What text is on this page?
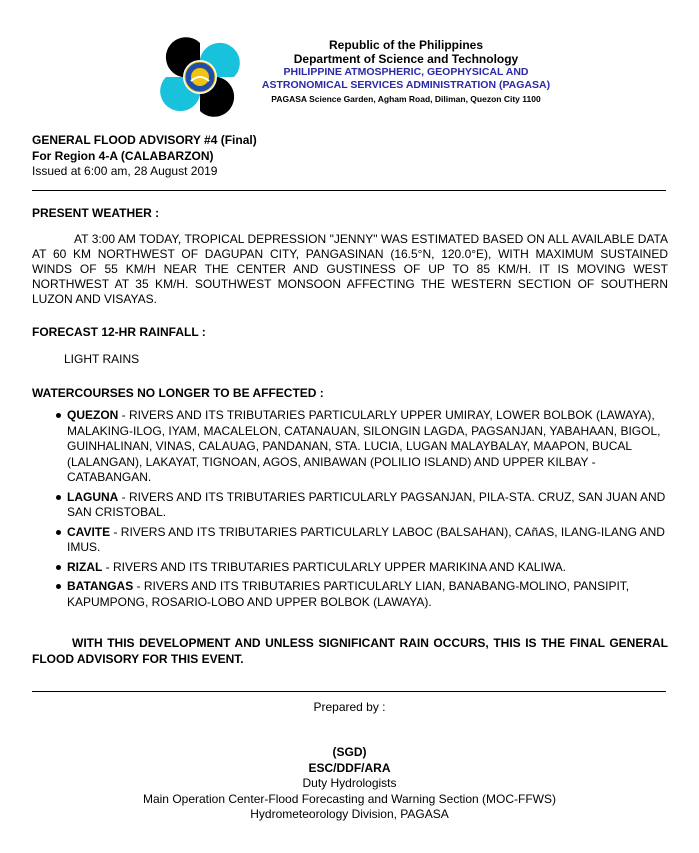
Republic of the Philippines
Department of Science and Technology
PHILIPPINE ATMOSPHERIC, GEOPHYSICAL AND
ASTRONOMICAL SERVICES ADMINISTRATION (PAGASA)
PAGASA Science Garden, Agham Road, Diliman, Quezon City 1100
GENERAL FLOOD ADVISORY #4 (Final)
For Region 4-A (CALABARZON)
Issued at 6:00 am, 28 August 2019
PRESENT WEATHER :
AT 3:00 AM TODAY, TROPICAL DEPRESSION "JENNY" WAS ESTIMATED BASED ON ALL AVAILABLE DATA AT 60 KM NORTHWEST OF DAGUPAN CITY, PANGASINAN (16.5°N, 120.0°E), WITH MAXIMUM SUSTAINED WINDS OF 55 KM/H NEAR THE CENTER AND GUSTINESS OF UP TO 85 KM/H. IT IS MOVING WEST NORTHWEST AT 35 KM/H. SOUTHWEST MONSOON AFFECTING THE WESTERN SECTION OF SOUTHERN LUZON AND VISAYAS.
FORECAST 12-HR RAINFALL :
LIGHT RAINS
WATERCOURSES NO LONGER TO BE AFFECTED :
QUEZON - RIVERS AND ITS TRIBUTARIES PARTICULARLY UPPER UMIRAY, LOWER BOLBOK (LAWAYA), MALAKING-ILOG, IYAM, MACALELON, CATANAUAN, SILONGIN LAGDA, PAGSANJAN, YABAHAAN, BIGOL, GUINHALINAN, VINAS, CALAUAG, PANDANAN, STA. LUCIA, LUGAN MALAYBALAY, MAAPON, BUCAL (LALANGAN), LAKAYAT, TIGNOAN, AGOS, ANIBAWAN (POLILIO ISLAND) AND UPPER KILBAY - CATABANGAN.
LAGUNA - RIVERS AND ITS TRIBUTARIES PARTICULARLY PAGSANJAN, PILA-STA. CRUZ, SAN JUAN AND SAN CRISTOBAL.
CAVITE - RIVERS AND ITS TRIBUTARIES PARTICULARLY LABOC (BALSAHAN), CAñAS, ILANG-ILANG AND IMUS.
RIZAL - RIVERS AND ITS TRIBUTARIES PARTICULARLY UPPER MARIKINA AND KALIWA.
BATANGAS - RIVERS AND ITS TRIBUTARIES PARTICULARLY LIAN, BANABANG-MOLINO, PANSIPIT, KAPUMPONG, ROSARIO-LOBO AND UPPER BOLBOK (LAWAYA).
WITH THIS DEVELOPMENT AND UNLESS SIGNIFICANT RAIN OCCURS, THIS IS THE FINAL GENERAL FLOOD ADVISORY FOR THIS EVENT.
Prepared by :
(SGD)
ESC/DDF/ARA
Duty Hydrologists
Main Operation Center-Flood Forecasting and Warning Section (MOC-FFWS)
Hydrometeorology Division, PAGASA
